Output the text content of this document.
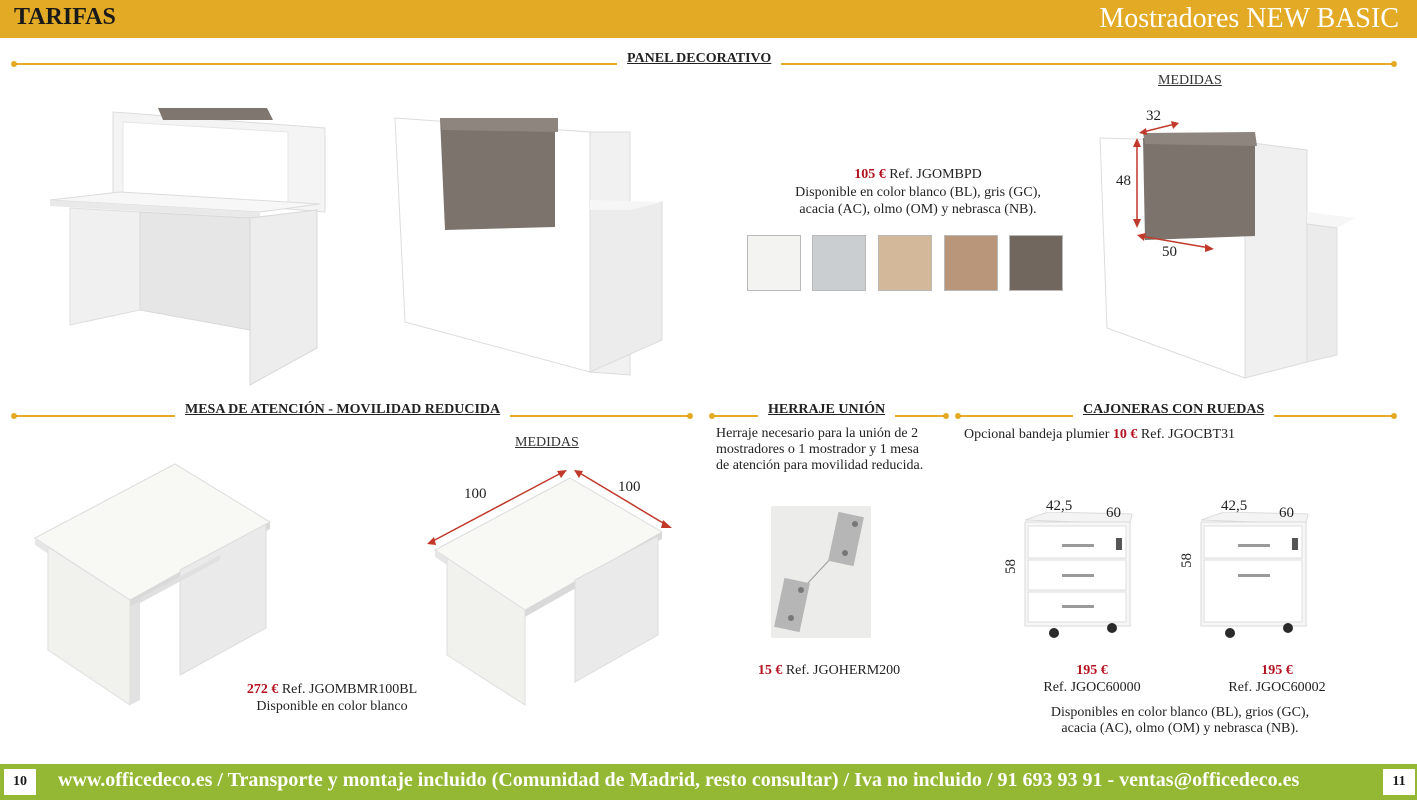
TARIFAS	Mostradores NEW BASIC
PANEL DECORATIVO
105 € Ref. JGOMBPD
Disponible en color blanco (BL), gris (GC),
acacia (AC), olmo (OM) y nebrasca (NB).
MEDIDAS
32
48
50
MESA DE ATENCIÓN - MOVILIDAD REDUCIDA
MEDIDAS
100	100
272 € Ref. JGOMBMR100BL
Disponible en color blanco
HERRAJE UNIÓN
Herraje necesario para la unión de 2
mostradores o 1 mostrador y 1 mesa
de atención para movilidad reducida.
15 € Ref. JGOHERM200
CAJONERAS CON RUEDAS
Opcional bandeja plumier 10 € Ref. JGOCBT31
42,5 60
58
42,5 60
58
195 €
Ref. JGOC60000
195 €
Ref. JGOC60002
Disponibles en color blanco (BL), grios (GC),
acacia (AC), olmo (OM) y nebrasca (NB).
10	www.officedeco.es / Transporte y montaje incluido (Comunidad de Madrid, resto consultar) / Iva no incluido / 91 693 93 91 - ventas@officedeco.es	11
